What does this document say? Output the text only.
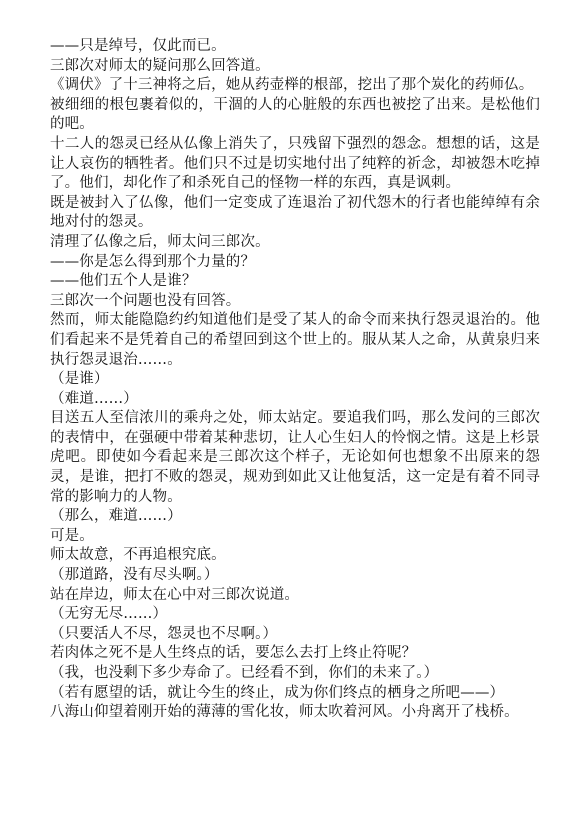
——只是绰号，仅此而已。

三郎次对师太的疑问那么回答道。

《调伏》了十三神将之后，她从药壶榉的根部，挖出了那个炭化的药师仏。

被细细的根包裹着似的，干涸的人的心脏般的东西也被挖了出来。是松他们的吧。

十二人的怨灵已经从仏像上消失了，只残留下强烈的怨念。想想的话，这是让人哀伤的牺牲者。他们只不过是切实地付出了纯粹的祈念，却被怨木吃掉了。他们，却化作了和杀死自己的怪物一样的东西，真是讽刺。

既是被封入了仏像，他们一定变成了连退治了初代怨木的行者也能绰绰有余地对付的怨灵。

清理了仏像之后，师太问三郎次。

——你是怎么得到那个力量的？

——他们五个人是谁？

三郎次一个问题也没有回答。

然而，师太能隐隐约约知道他们是受了某人的命令而来执行怨灵退治的。他们看起来不是凭着自己的希望回到这个世上的。服从某人之命，从黄泉归来执行怨灵退治……。

（是谁）

（难道……）

目送五人至信浓川的乘舟之处，师太站定。要追我们吗，那么发问的三郎次的表情中，在强硬中带着某种悲切，让人心生妇人的怜悯之情。这是上杉景虎吧。即使如今看起来是三郎次这个样子，无论如何也想象不出原来的怨灵，是谁，把打不败的怨灵，规劝到如此又让他复活，这一定是有着不同寻常的影响力的人物。

（那么，难道……）

可是。

师太故意，不再追根究底。

（那道路，没有尽头啊。）

站在岸边，师太在心中对三郎次说道。

（无穷无尽……）

（只要活人不尽，怨灵也不尽啊。）

若肉体之死不是人生终点的话，要怎么去打上终止符呢？

（我，也没剩下多少寿命了。已经看不到，你们的未来了。）

（若有愿望的话，就让今生的终止，成为你们终点的栖身之所吧——）

八海山仰望着刚开始的薄薄的雪化妆，师太吹着河风。小舟离开了栈桥。
